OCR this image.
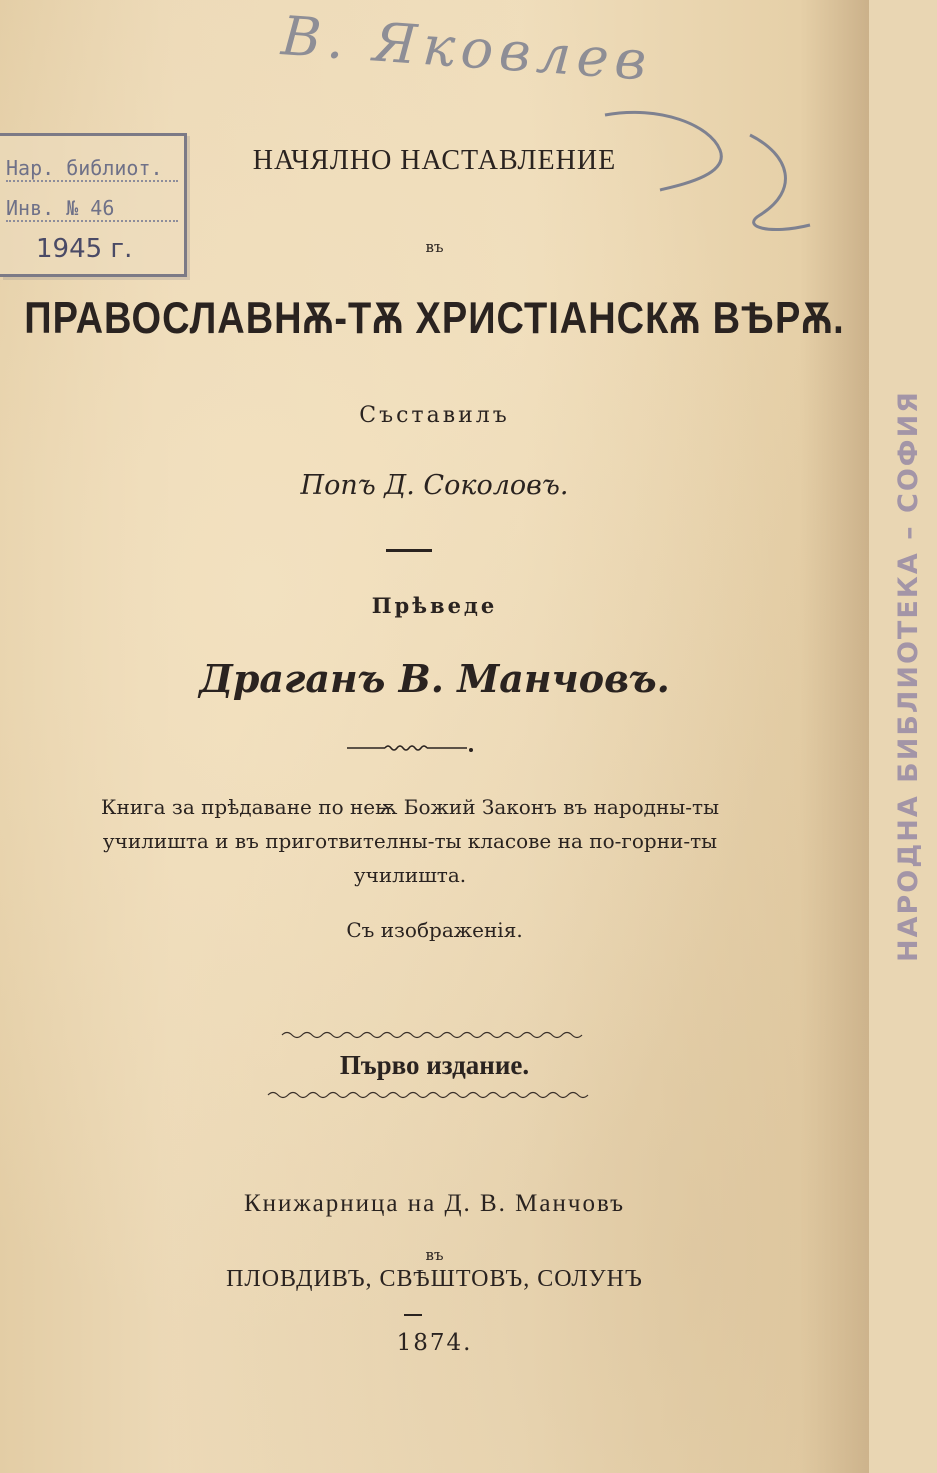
В. Яковлев
Нар. библиот.
Инв. № 46
1945 г.
НАРОДНА БИБЛИОТЕКА – СОФИЯ
НАЧЯЛНО НАСТАВЛЕНИЕ
въ
ПРАВОСЛАВНѪ-ТѪ ХРИСТІАНСКѪ ВѢРѪ.
Съставилъ
Попъ Д. Соколовъ.
Прѣведе
Драганъ В. Манчовъ.
Книга за прѣдаване по неѭ Божий Законъ въ народны-ты училишта и въ приготвителны-ты класове на по-горни-ты училишта.
Съ изображенія.
Първо издание.
Книжарница на Д. В. Манчовъ
въ
ПЛОВДИВЪ, СВѢШТОВЪ, СОЛУНЪ
1874.
